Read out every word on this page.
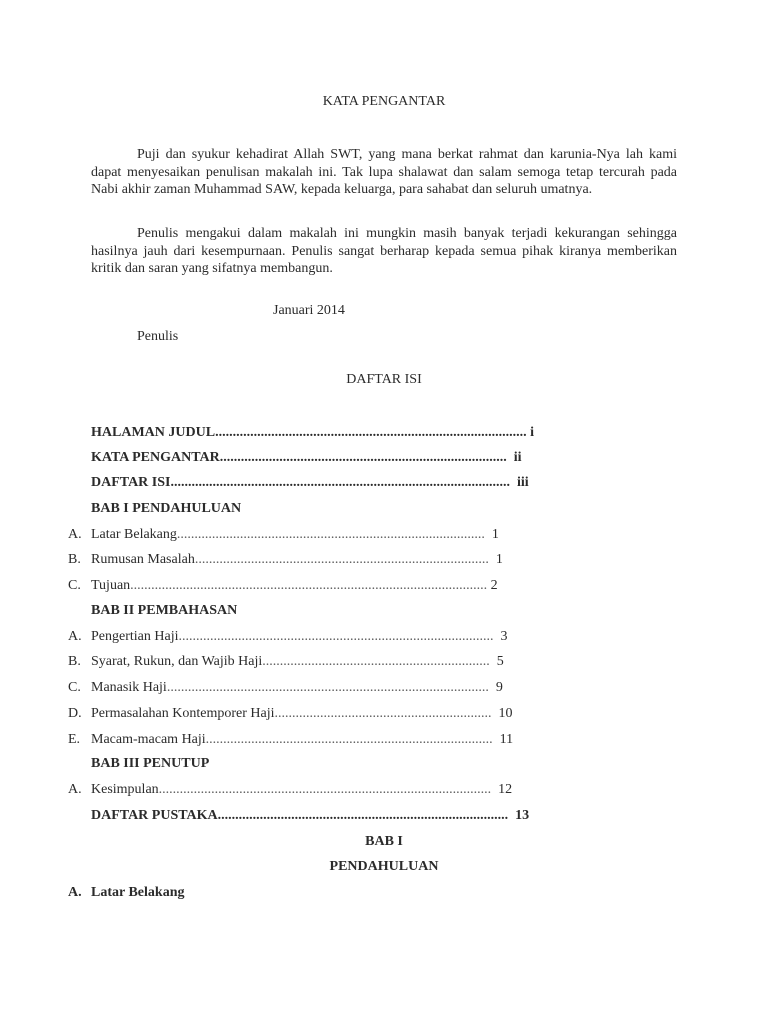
KATA PENGANTAR

Puji dan syukur kehadirat Allah SWT, yang mana berkat rahmat dan karunia-Nya lah kami dapat menyesaikan penulisan makalah ini. Tak lupa shalawat dan salam semoga tetap tercurah pada Nabi akhir zaman Muhammad SAW, kepada keluarga, para sahabat dan seluruh umatnya.

Penulis mengakui dalam makalah ini mungkin masih banyak terjadi kekurangan sehingga hasilnya jauh dari kesempurnaan. Penulis sangat berharap kepada semua pihak kiranya memberikan kritik dan saran yang sifatnya membangun.

Januari 2014
Penulis
DAFTAR ISI
HALAMAN JUDUL......................................................................................... i
KATA PENGANTAR.................................................................................. ii
DAFTAR ISI................................................................................................. iii
BAB I PENDAHULUAN
A. Latar Belakang........................................................................................ 1
B. Rumusan Masalah.................................................................................... 1
C. Tujuan...................................................................................................... 2
BAB II PEMBAHASAN
A. Pengertian Haji.......................................................................................... 3
B. Syarat, Rukun, dan Wajib Haji................................................................. 5
C. Manasik Haji............................................................................................ 9
D. Permasalahan Kontemporer Haji.............................................................. 10
E. Macam-macam Haji.................................................................................. 11
BAB III PENUTUP
A. Kesimpulan............................................................................................... 12
DAFTAR PUSTAKA................................................................................... 13
BAB I
PENDAHULUAN
A. Latar Belakang
